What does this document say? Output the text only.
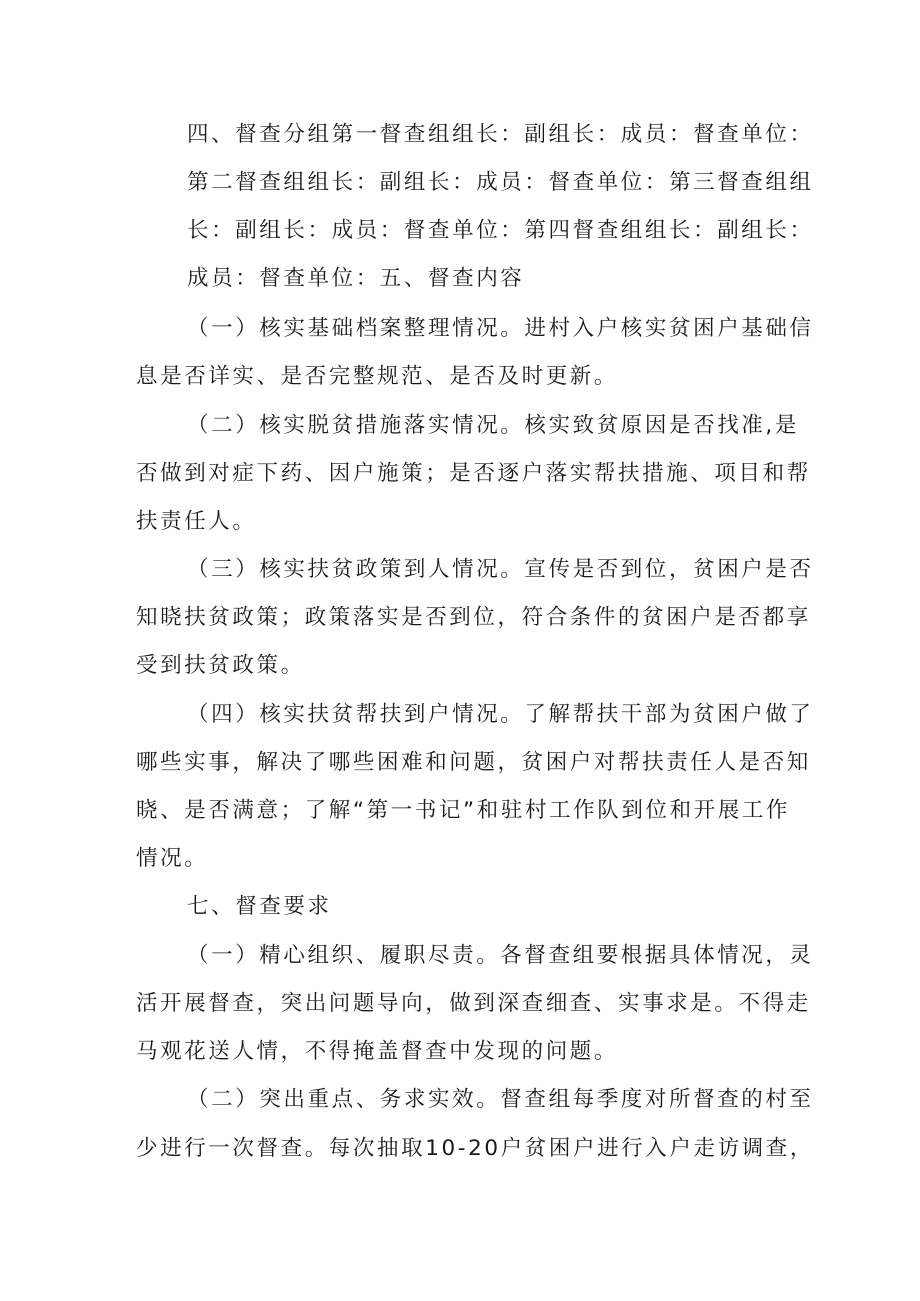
四、督查分组第一督查组组长：副组长：成员：督查单位：
第二督查组组长：副组长：成员：督查单位：第三督查组组
长：副组长：成员：督查单位：第四督查组组长：副组长：
成员：督查单位：五、督查内容
（一）核实基础档案整理情况。进村入户核实贫困户基础信
息是否详实、是否完整规范、是否及时更新。
（二）核实脱贫措施落实情况。核实致贫原因是否找准,是
否做到对症下药、因户施策；是否逐户落实帮扶措施、项目和帮
扶责任人。
（三）核实扶贫政策到人情况。宣传是否到位，贫困户是否
知晓扶贫政策；政策落实是否到位，符合条件的贫困户是否都享
受到扶贫政策。
（四）核实扶贫帮扶到户情况。了解帮扶干部为贫困户做了
哪些实事，解决了哪些困难和问题，贫困户对帮扶责任人是否知
晓、是否满意；了解“第一书记”和驻村工作队到位和开展工作
情况。
七、督查要求
（一）精心组织、履职尽责。各督查组要根据具体情况，灵
活开展督查，突出问题导向，做到深查细查、实事求是。不得走
马观花送人情，不得掩盖督查中发现的问题。
（二）突出重点、务求实效。督查组每季度对所督查的村至
少进行一次督查。每次抽取10-20户贫困户进行入户走访调查，
